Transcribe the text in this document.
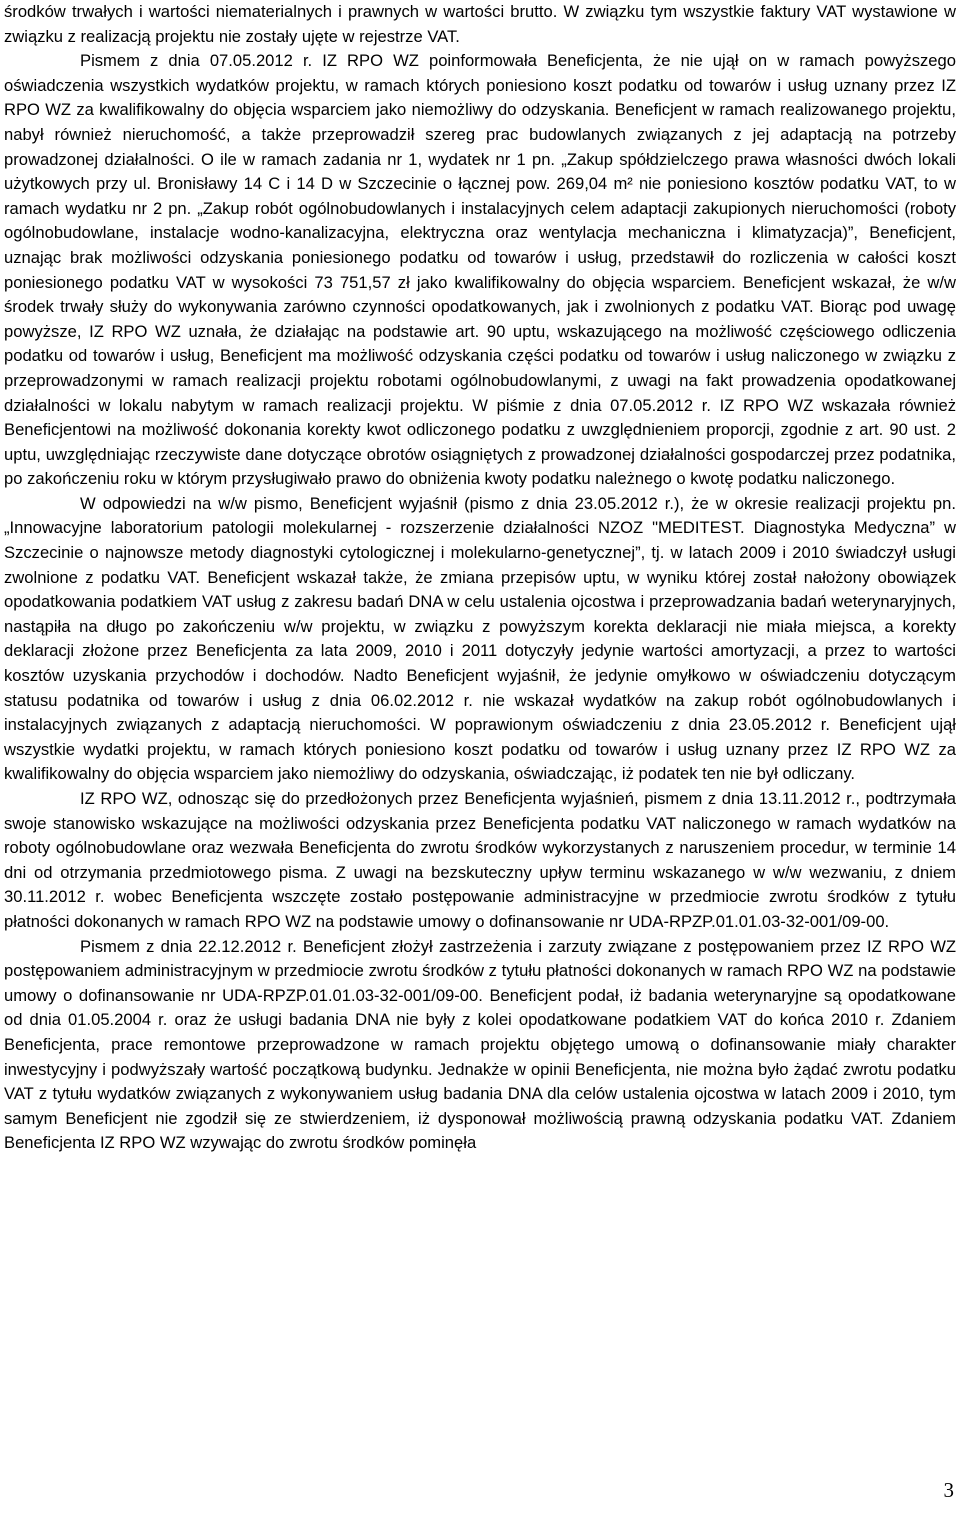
środków trwałych i wartości niematerialnych i prawnych w wartości brutto. W związku tym wszystkie faktury VAT wystawione w związku z realizacją projektu nie zostały ujęte w rejestrze VAT.

Pismem z dnia 07.05.2012 r. IZ RPO WZ poinformowała Beneficjenta, że nie ujął on w ramach powyższego oświadczenia wszystkich wydatków projektu, w ramach których poniesiono koszt podatku od towarów i usług uznany przez IZ RPO WZ za kwalifikowalny do objęcia wsparciem jako niemożliwy do odzyskania. Beneficjent w ramach realizowanego projektu, nabył również nieruchomość, a także przeprowadził szereg prac budowlanych związanych z jej adaptacją na potrzeby prowadzonej działalności. O ile w ramach zadania nr 1, wydatek nr 1 pn. „Zakup spółdzielczego prawa własności dwóch lokali użytkowych przy ul. Bronisławy 14 C i 14 D w Szczecinie o łącznej pow. 269,04 m² nie poniesiono kosztów podatku VAT, to w ramach wydatku nr 2 pn. „Zakup robót ogólnobudowlanych i instalacyjnych celem adaptacji zakupionych nieruchomości (roboty ogólnobudowlane, instalacje wodno-kanalizacyjna, elektryczna oraz wentylacja mechaniczna i klimatyzacja)”, Beneficjent, uznając brak możliwości odzyskania poniesionego podatku od towarów i usług, przedstawił do rozliczenia w całości koszt poniesionego podatku VAT w wysokości 73 751,57 zł jako kwalifikowalny do objęcia wsparciem. Beneficjent wskazał, że w/w środek trwały służy do wykonywania zarówno czynności opodatkowanych, jak i zwolnionych z podatku VAT. Biorąc pod uwagę powyższe, IZ RPO WZ uznała, że działając na podstawie art. 90 uptu, wskazującego na możliwość częściowego odliczenia podatku od towarów i usług, Beneficjent ma możliwość odzyskania części podatku od towarów i usług naliczonego w związku z przeprowadzonymi w ramach realizacji projektu robotami ogólnobudowlanymi, z uwagi na fakt prowadzenia opodatkowanej działalności w lokalu nabytym w ramach realizacji projektu. W piśmie z dnia 07.05.2012 r. IZ RPO WZ wskazała również Beneficjentowi na możliwość dokonania korekty kwot odliczonego podatku z uwzględnieniem proporcji, zgodnie z art. 90 ust. 2 uptu, uwzględniając rzeczywiste dane dotyczące obrotów osiągniętych z prowadzonej działalności gospodarczej przez podatnika, po zakończeniu roku w którym przysługiwało prawo do obniżenia kwoty podatku należnego o kwotę podatku naliczonego.

W odpowiedzi na w/w pismo, Beneficjent wyjaśnił (pismo z dnia 23.05.2012 r.), że w okresie realizacji projektu pn. „Innowacyjne laboratorium patologii molekularnej - rozszerzenie działalności NZOZ "MEDITEST. Diagnostyka Medyczna” w Szczecinie o najnowsze metody diagnostyki cytologicznej i molekularno-genetycznej”, tj. w latach 2009 i 2010 świadczył usługi zwolnione z podatku VAT. Beneficjent wskazał także, że zmiana przepisów uptu, w wyniku której został nałożony obowiązek opodatkowania podatkiem VAT usług z zakresu badań DNA w celu ustalenia ojcostwa i przeprowadzania badań weterynaryjnych, nastąpiła na długo po zakończeniu w/w projektu, w związku z powyższym korekta deklaracji nie miała miejsca, a korekty deklaracji złożone przez Beneficjenta za lata 2009, 2010 i 2011 dotyczyły jedynie wartości amortyzacji, a przez to wartości kosztów uzyskania przychodów i dochodów. Nadto Beneficjent wyjaśnił, że jedynie omyłkowo w oświadczeniu dotyczącym statusu podatnika od towarów i usług z dnia 06.02.2012 r. nie wskazał wydatków na zakup robót ogólnobudowlanych i instalacyjnych związanych z adaptacją nieruchomości. W poprawionym oświadczeniu z dnia 23.05.2012 r. Beneficjent ujął wszystkie wydatki projektu, w ramach których poniesiono koszt podatku od towarów i usług uznany przez IZ RPO WZ za kwalifikowalny do objęcia wsparciem jako niemożliwy do odzyskania, oświadczając, iż podatek ten nie był odliczany.

IZ RPO WZ, odnosząc się do przedłożonych przez Beneficjenta wyjaśnień, pismem z dnia 13.11.2012 r., podtrzymała swoje stanowisko wskazujące na możliwości odzyskania przez Beneficjenta podatku VAT naliczonego w ramach wydatków na roboty ogólnobudowlane oraz wezwała Beneficjenta do zwrotu środków wykorzystanych z naruszeniem procedur, w terminie 14 dni od otrzymania przedmiotowego pisma. Z uwagi na bezskuteczny upływ terminu wskazanego w w/w wezwaniu, z dniem 30.11.2012 r. wobec Beneficjenta wszczęte zostało postępowanie administracyjne w przedmiocie zwrotu środków z tytułu płatności dokonanych w ramach RPO WZ na podstawie umowy o dofinansowanie nr UDA-RPZP.01.01.03-32-001/09-00.

Pismem z dnia 22.12.2012 r. Beneficjent złożył zastrzeżenia i zarzuty związane z postępowaniem przez IZ RPO WZ postępowaniem administracyjnym w przedmiocie zwrotu środków z tytułu płatności dokonanych w ramach RPO WZ na podstawie umowy o dofinansowanie nr UDA-RPZP.01.01.03-32-001/09-00. Beneficjent podał, iż badania weterynaryjne są opodatkowane od dnia 01.05.2004 r. oraz że usługi badania DNA nie były z kolei opodatkowane podatkiem VAT do końca 2010 r. Zdaniem Beneficjenta, prace remontowe przeprowadzone w ramach projektu objętego umową o dofinansowanie miały charakter inwestycyjny i podwyższały wartość początkową budynku. Jednakże w opinii Beneficjenta, nie można było żądać zwrotu podatku VAT z tytułu wydatków związanych z wykonywaniem usług badania DNA dla celów ustalenia ojcostwa w latach 2009 i 2010, tym samym Beneficjent nie zgodził się ze stwierdzeniem, iż dysponował możliwością prawną odzyskania podatku VAT. Zdaniem Beneficjenta IZ RPO WZ wzywając do zwrotu środków pominęła

3
